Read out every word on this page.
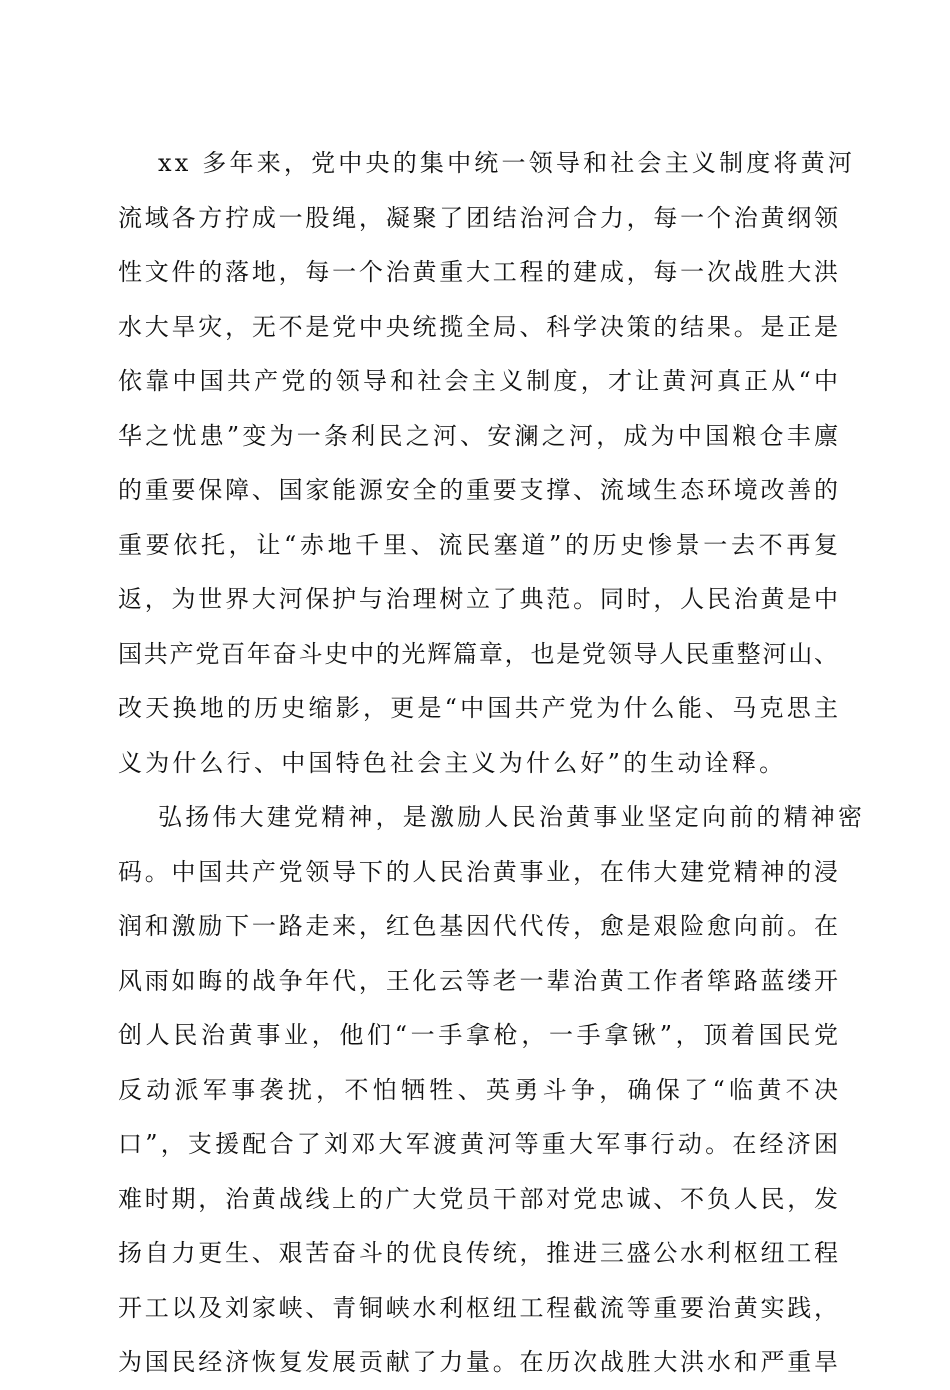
xx 多年来，党中央的集中统一领导和社会主义制度将黄河
流域各方拧成一股绳，凝聚了团结治河合力，每一个治黄纲领
性文件的落地，每一个治黄重大工程的建成，每一次战胜大洪
水大旱灾，无不是党中央统揽全局、科学决策的结果。是正是
依靠中国共产党的领导和社会主义制度，才让黄河真正从“中
华之忧患”变为一条利民之河、安澜之河，成为中国粮仓丰廪
的重要保障、国家能源安全的重要支撑、流域生态环境改善的
重要依托，让“赤地千里、流民塞道”的历史惨景一去不再复
返，为世界大河保护与治理树立了典范。同时，人民治黄是中
国共产党百年奋斗史中的光辉篇章，也是党领导人民重整河山、
改天换地的历史缩影，更是“中国共产党为什么能、马克思主
义为什么行、中国特色社会主义为什么好”的生动诠释。
弘扬伟大建党精神，是激励人民治黄事业坚定向前的精神密
码。中国共产党领导下的人民治黄事业，在伟大建党精神的浸
润和激励下一路走来，红色基因代代传，愈是艰险愈向前。在
风雨如晦的战争年代，王化云等老一辈治黄工作者筚路蓝缕开
创人民治黄事业，他们“一手拿枪，一手拿锹”，顶着国民党
反动派军事袭扰，不怕牺牲、英勇斗争，确保了“临黄不决
口”，支援配合了刘邓大军渡黄河等重大军事行动。在经济困
难时期，治黄战线上的广大党员干部对党忠诚、不负人民，发
扬自力更生、艰苦奋斗的优良传统，推进三盛公水利枢纽工程
开工以及刘家峡、青铜峡水利枢纽工程截流等重要治黄实践，
为国民经济恢复发展贡献了力量。在历次战胜大洪水和严重旱
